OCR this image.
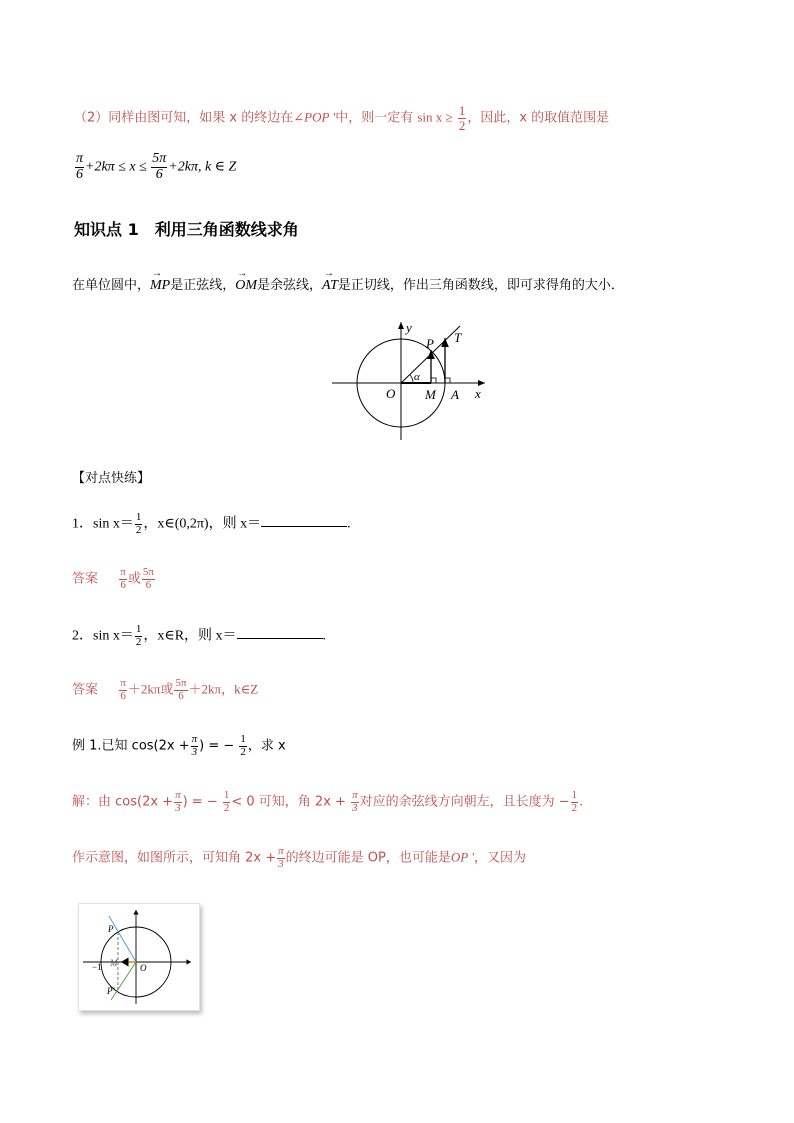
（2）同样由图可知，如果 x 的终边在∠POP '中，则一定有 $\sin x \ge \frac{1}{2}$ ，因此，x 的取值范围是
$\frac{\pi}{6} +2k\pi \le x \le \frac{5\pi}{6} +2k\pi$, k ∈ Z
知识点 1　利用三角函数线求角
在单位圆中，→ MP是正弦线，→ OM是余弦线，→ AT是正切线，作出三角函数线，即可求得角的大小．
y
x
P T
O M A
α
【对点快练】
1．$\sin x= \frac{1}{2}$ ，x∈(0,2π)，则 x＝	.
答案 $\frac{\pi}{6}$ 或 $\frac{5\pi}{6}$
2．$\sin x= \frac{1}{2}$ ，x∈R，则 x＝	.
答案 $\frac{\pi}{6} +2k\pi$或 $\frac{5\pi}{6} +2k\pi$，k∈Z
例 1.已知 $\cos(2x + \frac{\pi}{3}$ ) = − $\frac{1}{2}$ ，求 x
解：由 $\cos(2x + \frac{\pi}{3}$ ) = − $\frac{1}{2} < 0$ 可知，角 $2x + \frac{\pi}{3}$ 对应的余弦线方向朝左，且长度为 − $\frac{1}{2}$ .
作示意图，如图所示，可知角 $2x + \frac{\pi}{3}$ 的终边可能是 OP，也可能是OP '，又因为
P
M	O
P'
−1
